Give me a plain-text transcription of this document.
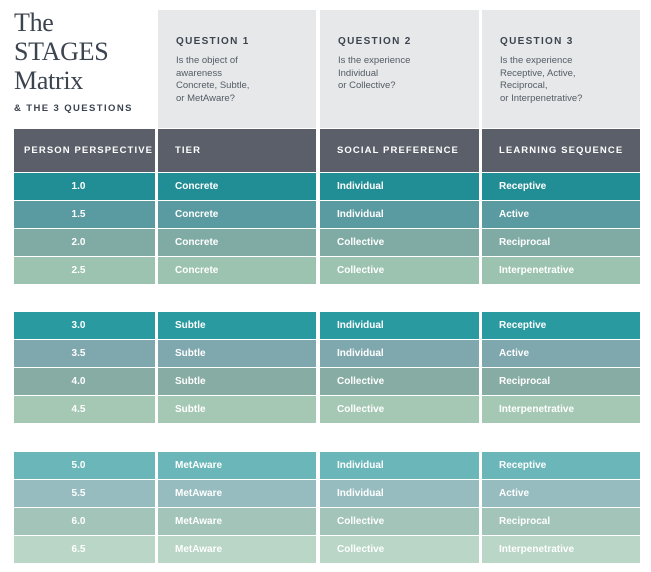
The
STAGES
Matrix
& THE 3 QUESTIONS
QUESTION 1
Is the object of
awareness
Concrete, Subtle,
or MetAware?
QUESTION 2
Is the experience
Individual
or Collective?
QUESTION 3
Is the experience
Receptive, Active,
Reciprocal,
or Interpenetrative?
PERSON PERSPECTIVE	TIER	SOCIAL PREFERENCE	LEARNING SEQUENCE
1.0	Concrete	Individual	Receptive
1.5	Concrete	Individual	Active
2.0	Concrete	Collective	Reciprocal
2.5	Concrete	Collective	Interpenetrative
3.0	Subtle	Individual	Receptive
3.5	Subtle	Individual	Active
4.0	Subtle	Collective	Reciprocal
4.5	Subtle	Collective	Interpenetrative
5.0	MetAware	Individual	Receptive
5.5	MetAware	Individual	Active
6.0	MetAware	Collective	Reciprocal
6.5	MetAware	Collective	Interpenetrative
